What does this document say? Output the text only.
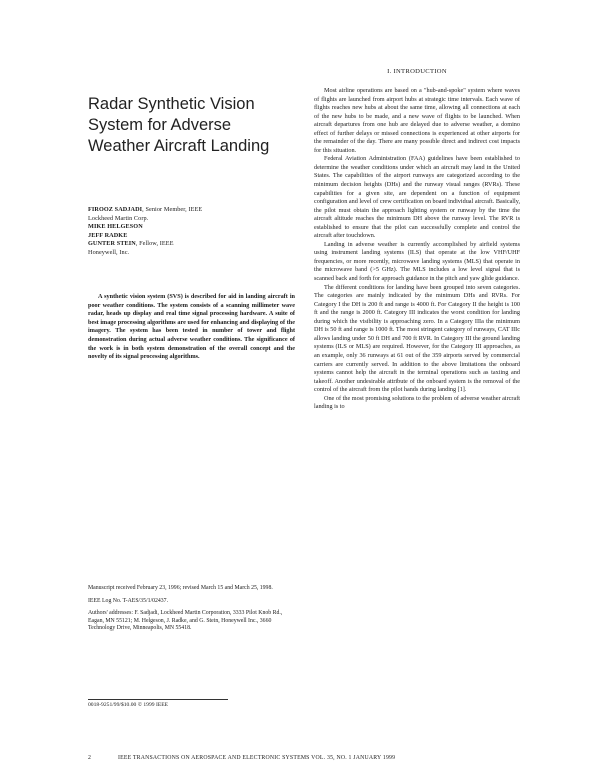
Radar Synthetic Vision System for Adverse Weather Aircraft Landing

FIROOZ SADJADI, Senior Member, IEEE

Lockheed Martin Corp.

MIKE HELGESON

JEFF RADKE

GUNTER STEIN, Fellow, IEEE

Honeywell, Inc.

A synthetic vision system (SVS) is described for aid in landing aircraft in poor weather conditions. The system consists of a scanning millimeter wave radar, heads up display and real time signal processing hardware. A suite of best image processing algorithms are used for enhancing and displaying of the imagery. The system has been tested in number of tower and flight demonstration during actual adverse weather conditions. The significance of the work is in both system demonstration of the overall concept and the novelty of its signal processing algorithms.

Manuscript received February 23, 1996; revised March 15 and March 25, 1998.

IEEE Log No. T-AES/35/1/02437.

Authors' addresses: F. Sadjadi, Lockheed Martin Corporation, 3333 Pilot Knob Rd., Eagan, MN 55121; M. Helgeson, J. Radke, and G. Stein, Honeywell Inc., 3660 Technology Drive, Minneapolis, MN 55418.

0018-9251/99/$10.00 © 1999 IEEE

I. INTRODUCTION

Most airline operations are based on a "hub-and-spoke" system where waves of flights are launched from airport hubs at strategic time intervals. Each wave of flights reaches new hubs at about the same time, allowing all connections at each of the new hubs to be made, and a new wave of flights to be launched. When aircraft departures from one hub are delayed due to adverse weather, a domino effect of further delays or missed connections is experienced at other airports for the remainder of the day. There are many possible direct and indirect cost impacts for this situation.

Federal Aviation Administration (FAA) guidelines have been established to determine the weather conditions under which an aircraft may land in the United States. The capabilities of the airport runways are categorized according to the minimum decision heights (DHs) and the runway visual ranges (RVRs). These capabilities for a given site, are dependent on a function of equipment configuration and level of crew certification on board individual aircraft. Basically, the pilot must obtain the approach lighting system or runway by the time the aircraft altitude reaches the minimum DH above the runway level. The RVR is established to ensure that the pilot can successfully complete and control the aircraft after touchdown.

Landing in adverse weather is currently accomplished by airfield systems using instrument landing systems (ILS) that operate at the low VHF/UHF frequencies, or more recently, microwave landing systems (MLS) that operate in the microwave band (>5 GHz). The MLS includes a low level signal that is scanned back and forth for approach guidance in the pitch and yaw glide guidance.

The different conditions for landing have been grouped into seven categories. The categories are mainly indicated by the minimum DHs and RVRs. For Category I the DH is 200 ft and range is 4000 ft. For Category II the height is 100 ft and the range is 2000 ft. Category III indicates the worst condition for landing during which the visibility is approaching zero. In a Category IIIa the minimum DH is 50 ft and range is 1000 ft. The most stringent category of runways, CAT IIIc allows landing under 50 ft DH and 700 ft RVR. In Category III the ground landing systems (ILS or MLS) are required. However, for the Category III approaches, as an example, only 36 runways at 61 out of the 359 airports served by commercial carriers are currently served. In addition to the above limitations the onboard systems cannot help the aircraft in the terminal operations such as taxiing and takeoff. Another undesirable attribute of the onboard system is the removal of the control of the aircraft from the pilot hands during landing [1].

One of the most promising solutions to the problem of adverse weather aircraft landing is to

2	IEEE TRANSACTIONS ON AEROSPACE AND ELECTRONIC SYSTEMS VOL. 35, NO. 1 JANUARY 1999
